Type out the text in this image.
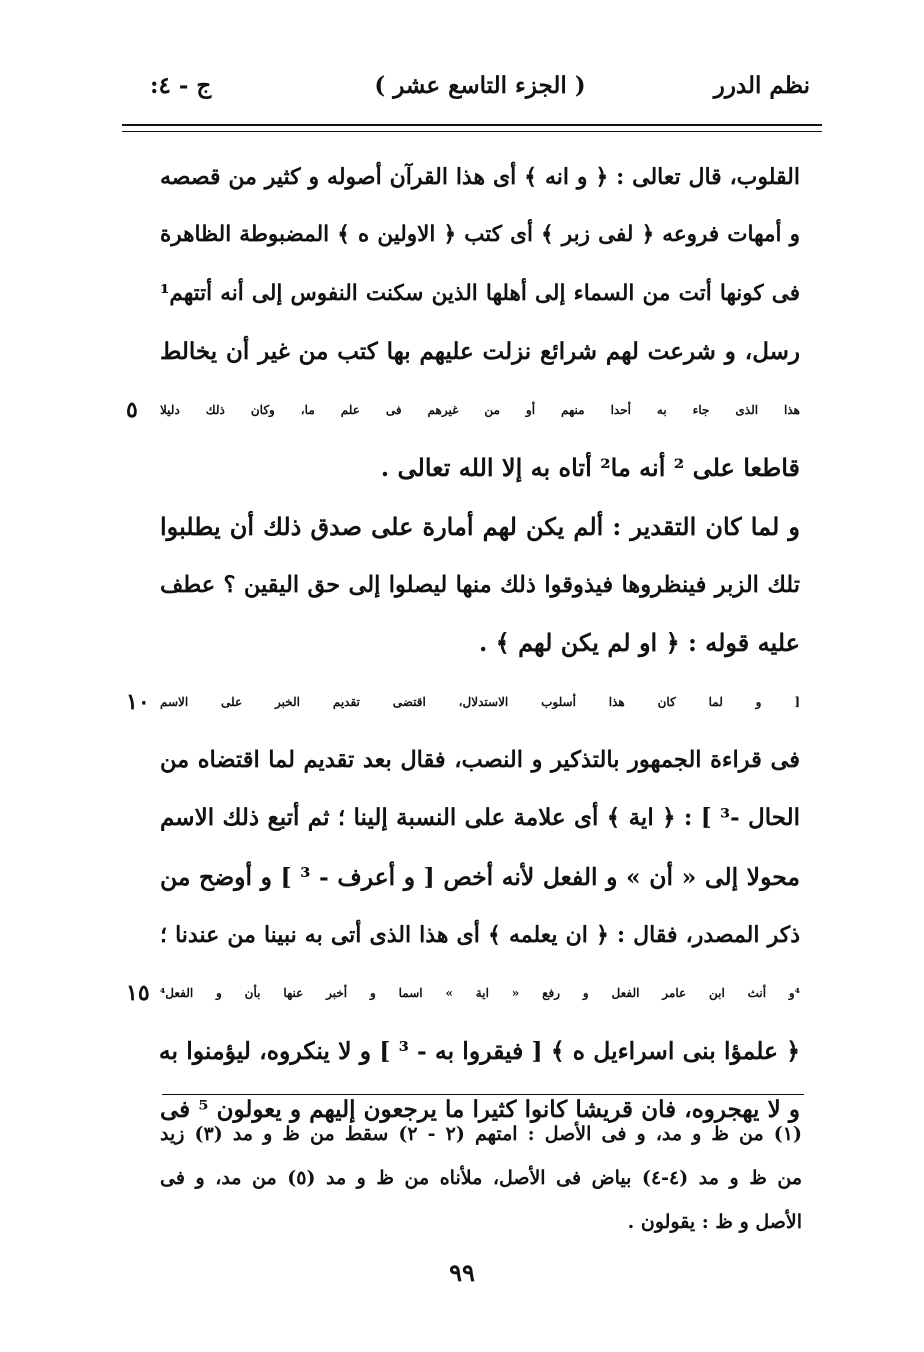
نظم الدرر
( الجزء التاسع عشر )
ج - ٤:
القلوب، قال تعالى : ﴿ و انه ﴾ أى هذا القرآن أصوله و كثير من قصصه
و أمهات فروعه ﴿ لفى زبر ﴾ أى كتب ﴿ الاولين ه ﴾ المضبوطة الظاهرة
فى كونها أتت من السماء إلى أهلها الذين سكنت النفوس إلى أنه أتتهم¹
رسل، و شرعت لهم شرائع نزلت عليهم بها كتب من غير أن يخالط
هذا الذى جاء به أحدا منهم أو من غيرهم فى علم ما، وكان ذلك دليلا
٥
قاطعا على ² أنه ما² أتاه به إلا الله تعالى .
و لما كان التقدير : ألم يكن لهم أمارة على صدق ذلك أن يطلبوا
تلك الزبر فينظروها فيذوقوا ذلك منها ليصلوا إلى حق اليقين ؟ عطف
عليه قوله : ﴿ او لم يكن لهم ﴾ .
[ و لما كان هذا أسلوب الاستدلال، اقتضى تقديم الخبر على الاسم
١٠
فى قراءة الجمهور بالتذكير و النصب، فقال بعد تقديم لما اقتضاه من
الحال -³ ] : ﴿ اية ﴾ أى علامة على النسبة إلينا ؛ ثم أتبع ذلك الاسم
محولا إلى « أن » و الفعل لأنه أخص [ و أعرف - ³ ] و أوضح من
ذكر المصدر، فقال : ﴿ ان يعلمه ﴾ أى هذا الذى أتى به نبينا من عندنا ؛
⁴و أنث ابن عامر الفعل و رفع « اية » اسما و أخبر عنها بأن و الفعل⁴
١٥
﴿ علمؤا بنى اسراءيل ه ﴾ [ فيقروا به - ³ ] و لا ينكروه، ليؤمنوا به
و لا يهجروه، فان قريشا كانوا كثيرا ما يرجعون إليهم و يعولون ⁵ فى
(١) من ظ و مد، و فى الأصل : امتهم (٢ - ٢) سقط من ظ و مد (٣) زيد
من ظ و مد (٤-٤) بياض فى الأصل، ملأناه من ظ و مد (٥) من مد، و فى
الأصل و ظ : يقولون .
٩٩
